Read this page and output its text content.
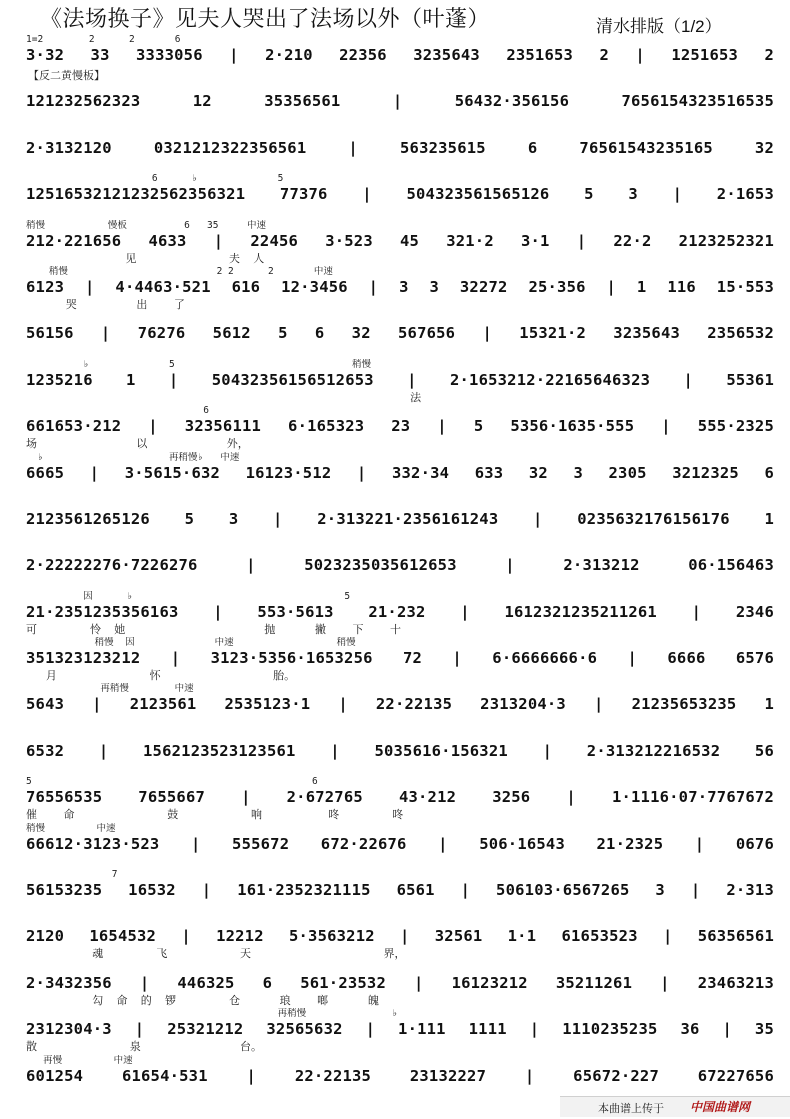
《法场换子》见夫人哭出了法场以外（叶蓬）	清水排版（1/2）
1=2        2      2       6
3·32 33 3333056 | 2·210 22356 3235643 2351653 2 | 1251653 2
【反二黄慢板】
121232562323 12 35356561 | 56432·356156 7656154323516535
2·3132120 0321212322356561 | 563235615 6 76561543235165 32
6      ♭              5
12516532121232562356321 77376 | 504323561565126 5 3 | 2·1653
稍慢           慢板          6   35     中速
212·221656 4633 | 22456 3·523 45 321·2 3·1 | 22·2 2123252321
见              夫  人
稍慢                          2 2      2       中速
6123 | 4·4463·521 616 12·3456 | 3 3 32272 25·356 | 1 116 15·553
哭         出    了
56156 | 76276 5612 5 6 32 567656 | 15321·2 3235643 2356532
♭              5                               稍慢
1235216 1 | 50432356156512653 | 2·1653212·22165646323 | 55361
法
6
661653·212 | 32356111 6·165323 23 | 5 5356·1635·555 | 555·2325
场               以            外，
♭                      再稍慢♭   中速
6665 | 3·5615·632 16123·512 | 332·34 633 32 3 2305 3212325 6
2123561265126 5 3 | 2·313221·2356161243 | 0235632176156176 1
2·22222276·7226276 | 5023235035612653 | 2·313212 06·156463
因      ♭                                     5
21·2351235356163 | 553·5613 21·232 | 1612321235211261 | 2346
可        怜  她                     抛      撇    下    十
稍慢  因              中速                  稍慢
351323123212 | 3123·5356·1653256 72 | 6·6666666·6 | 6666 6576
月              怀                 胎。
再稍慢        中速
5643 | 2123561 2535123·1 | 22·22135 2313204·3 | 21235653235 1
6532 | 1562123523123561 | 5035616·156321 | 2·313212216532 56
5                                                 6
76556535 7655667 | 2·672765 43·212 3256 | 1·1116·07·7767672
催    命              鼓           响          咚        咚
稍慢         中速
66612·3123·523 | 555672 672·22676 | 506·16543 21·2325 | 0676
7
56153235 16532 | 161·2352321115 6561 | 506103·6567265 3 | 2·313
2120 1654532 | 12212 5·3563212 | 32561 1·1 61653523 | 56356561
魂        飞           天                    界，
2·3432356 | 446325 6 561·23532 | 16123212 35211261 | 23463213
勾  命  的  锣        仓      琅    啷      魄
再稍慢               ♭
2312304·3 | 25321212 32565632 | 1·111 1111 | 1110235235 36 | 35
散              泉               台。
再慢         中速
601254 61654·531 | 22·22135 23132227 | 65672·227 67227656
本曲谱上传于 中国曲谱网
